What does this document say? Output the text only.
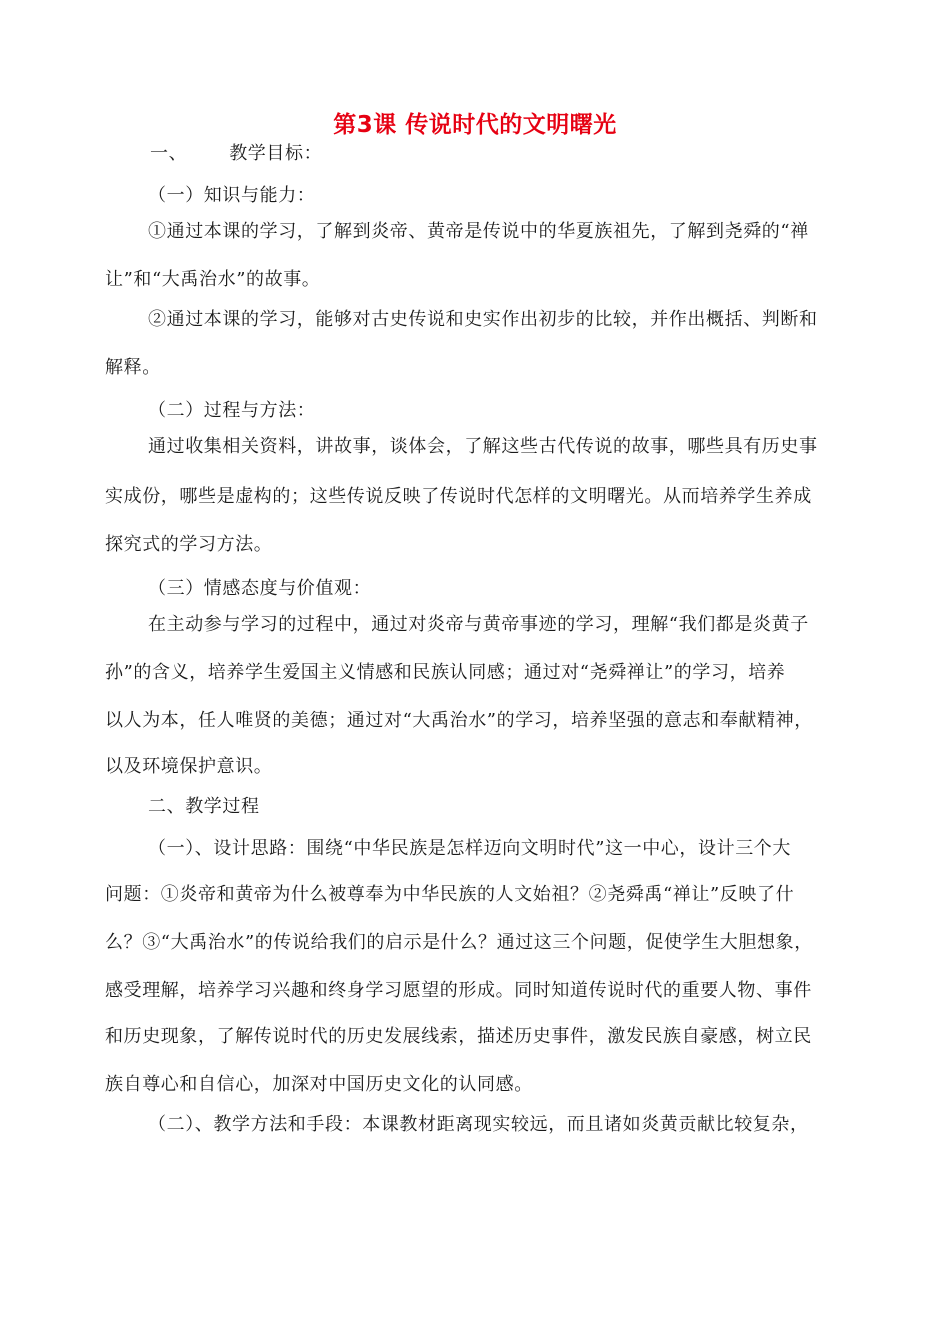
第3课 传说时代的文明曙光
一、 教学目标：
（一）知识与能力：
①通过本课的学习，了解到炎帝、黄帝是传说中的华夏族祖先，了解到尧舜的“禅
让”和“大禹治水”的故事。
②通过本课的学习，能够对古史传说和史实作出初步的比较，并作出概括、判断和
解释。
（二）过程与方法：
通过收集相关资料，讲故事，谈体会，了解这些古代传说的故事，哪些具有历史事
实成份，哪些是虚构的；这些传说反映了传说时代怎样的文明曙光。从而培养学生养成
探究式的学习方法。
（三）情感态度与价值观：
在主动参与学习的过程中，通过对炎帝与黄帝事迹的学习，理解“我们都是炎黄子
孙”的含义，培养学生爱国主义情感和民族认同感；通过对“尧舜禅让”的学习，培养
以人为本，任人唯贤的美德；通过对“大禹治水”的学习，培养坚强的意志和奉献精神，
以及环境保护意识。
二、教学过程
（一）、设计思路：围绕“中华民族是怎样迈向文明时代”这一中心，设计三个大
问题：①炎帝和黄帝为什么被尊奉为中华民族的人文始祖？②尧舜禹“禅让”反映了什
么？③“大禹治水”的传说给我们的启示是什么？通过这三个问题，促使学生大胆想象，
感受理解，培养学习兴趣和终身学习愿望的形成。同时知道传说时代的重要人物、事件
和历史现象，了解传说时代的历史发展线索，描述历史事件，激发民族自豪感，树立民
族自尊心和自信心，加深对中国历史文化的认同感。
（二）、教学方法和手段：本课教材距离现实较远，而且诸如炎黄贡献比较复杂，
